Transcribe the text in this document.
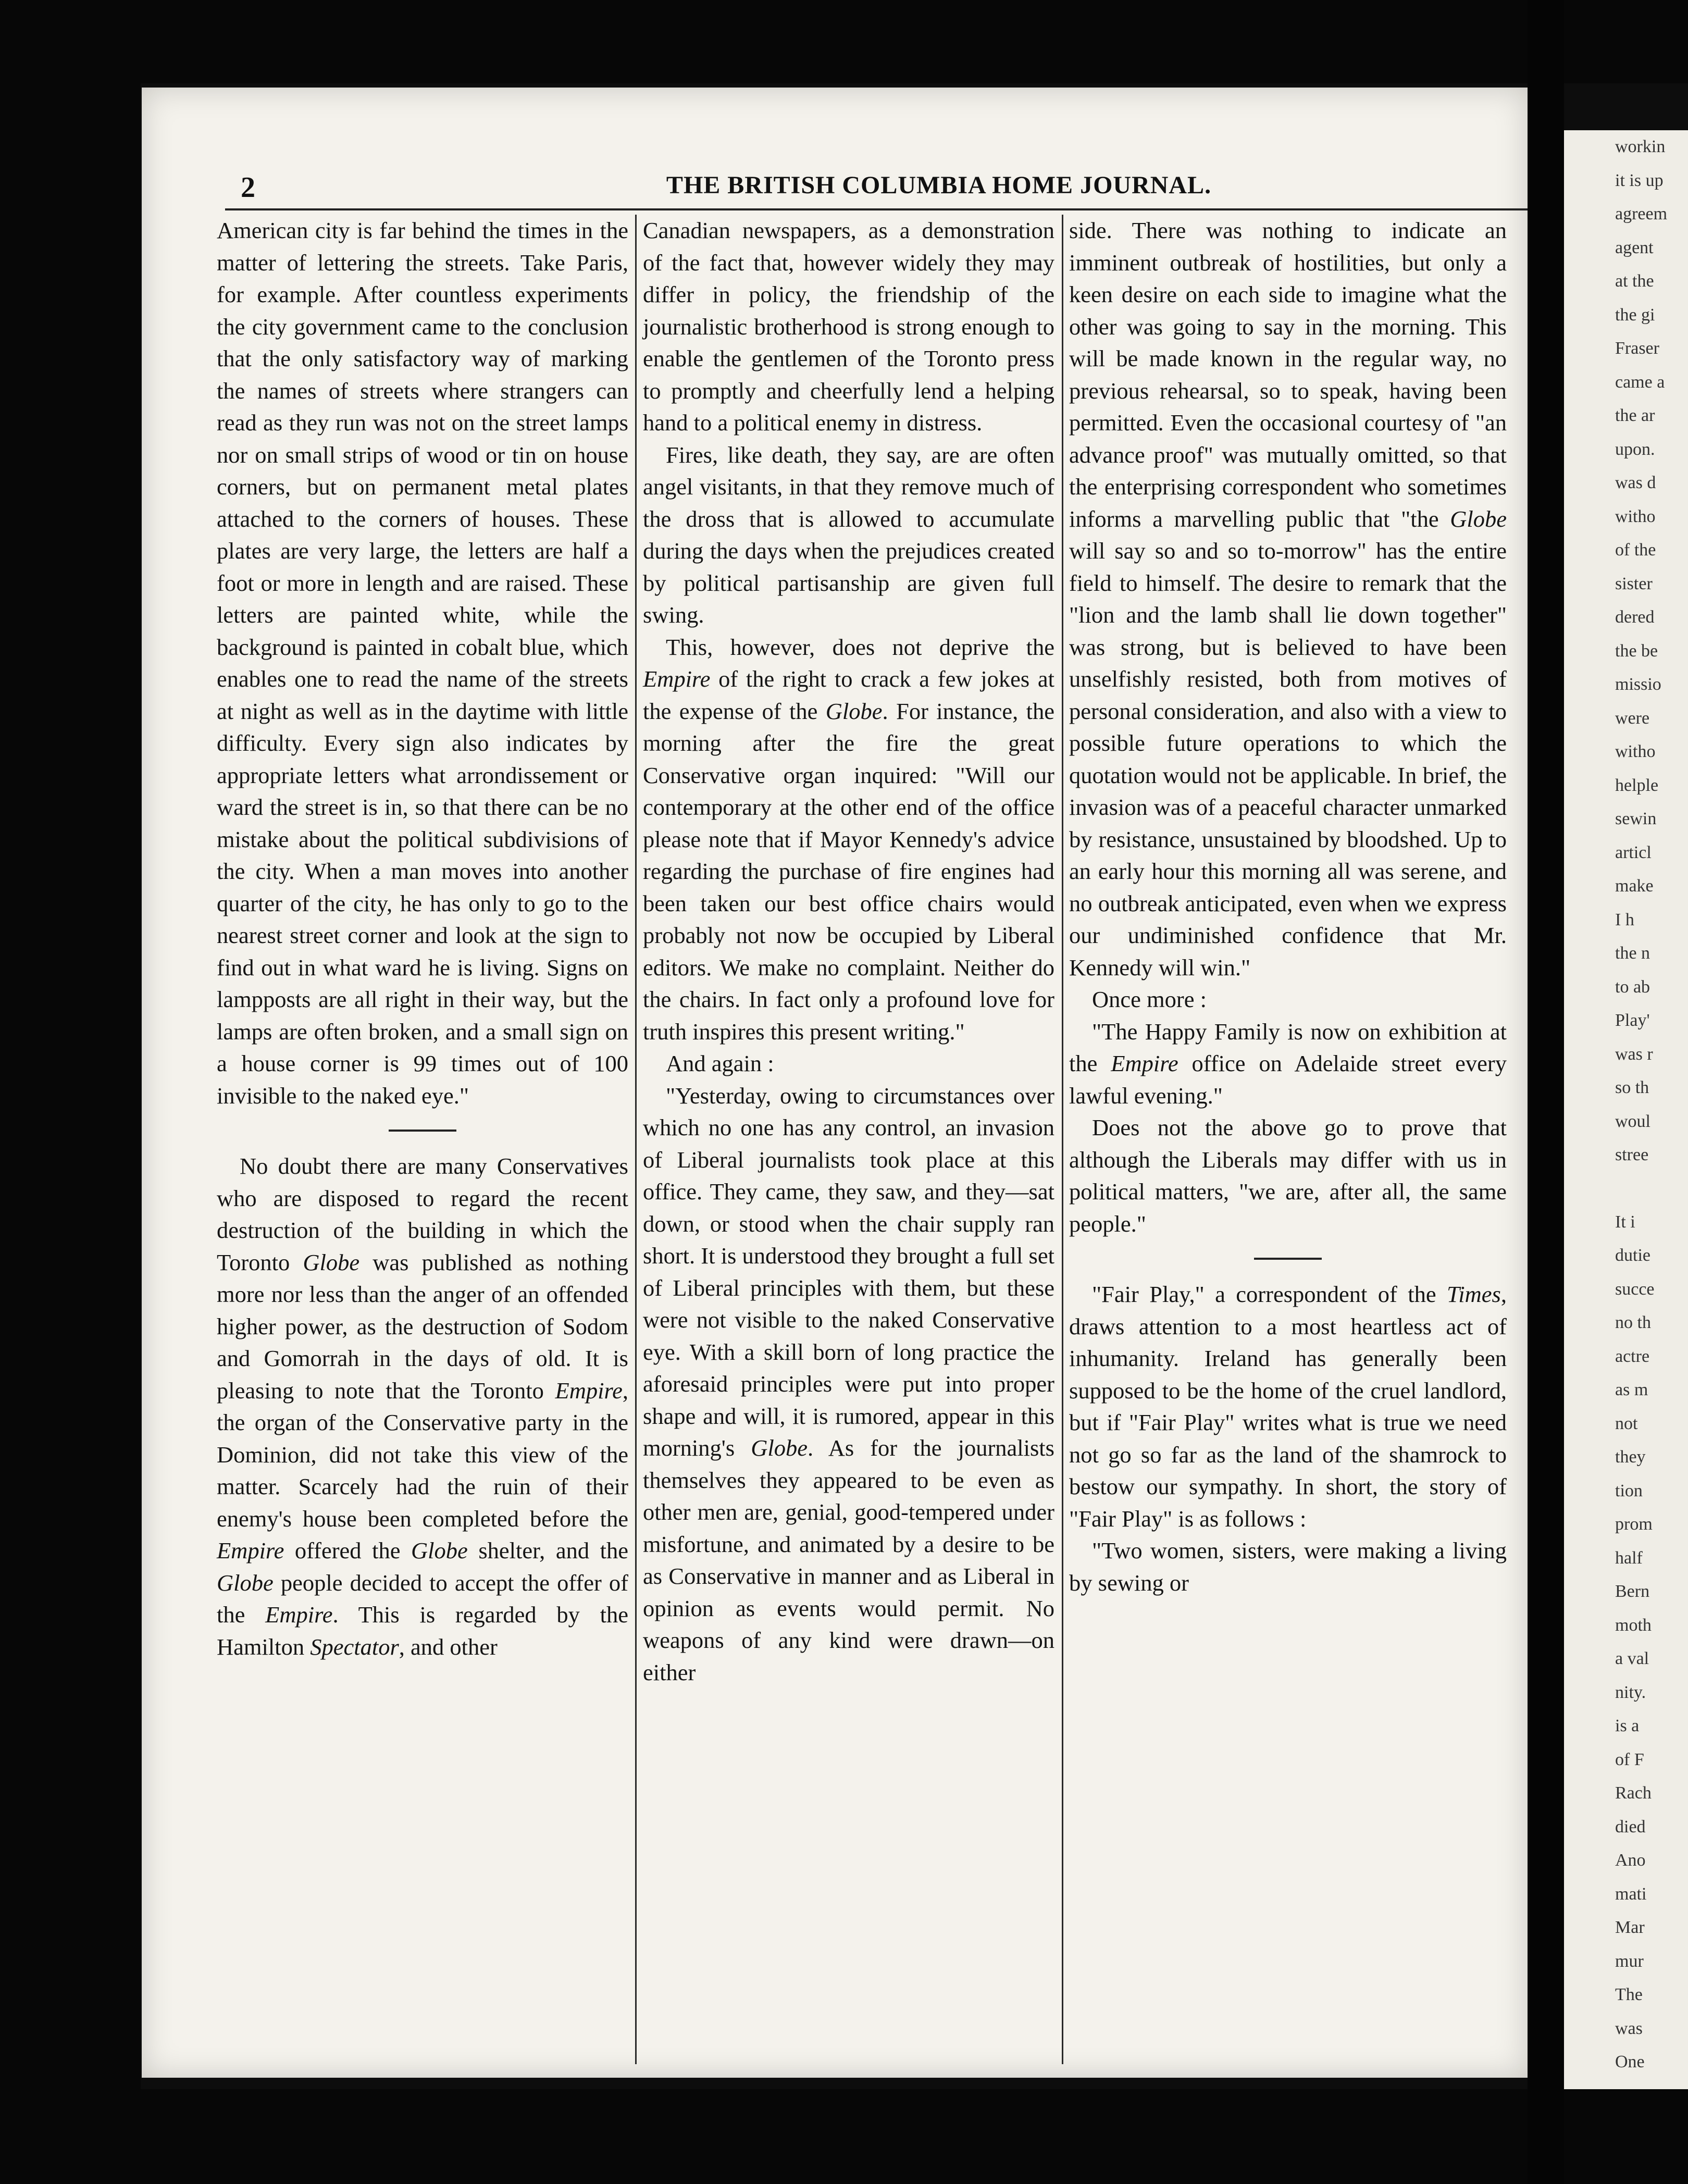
2	THE BRITISH COLUMBIA HOME JOURNAL.

American city is far behind the times in the matter of lettering the streets. Take Paris, for example. After countless experiments the city government came to the conclusion that the only satisfactory way of marking the names of streets where strangers can read as they run was not on the street lamps nor on small strips of wood or tin on house corners, but on permanent metal plates attached to the corners of houses. These plates are very large, the letters are half a foot or more in length and are raised. These letters are painted white, while the background is painted in cobalt blue, which enables one to read the name of the streets at night as well as in the daytime with little difficulty. Every sign also indicates by appropriate letters what arrondissement or ward the street is in, so that there can be no mistake about the political subdivisions of the city. When a man moves into another quarter of the city, he has only to go to the nearest street corner and look at the sign to find out in what ward he is living. Signs on lampposts are all right in their way, but the lamps are often broken, and a small sign on a house corner is 99 times out of 100 invisible to the naked eye."

No doubt there are many Conservatives who are disposed to regard the recent destruction of the building in which the Toronto Globe was published as nothing more nor less than the anger of an offended higher power, as the destruction of Sodom and Gomorrah in the days of old. It is pleasing to note that the Toronto Empire, the organ of the Conservative party in the Dominion, did not take this view of the matter. Scarcely had the ruin of their enemy's house been completed before the Empire offered the Globe shelter, and the Globe people decided to accept the offer of the Empire. This is regarded by the Hamilton Spectator, and other

Canadian newspapers, as a demonstration of the fact that, however widely they may differ in policy, the friendship of the journalistic brotherhood is strong enough to enable the gentlemen of the Toronto press to promptly and cheerfully lend a helping hand to a political enemy in distress.

Fires, like death, they say, are are often angel visitants, in that they remove much of the dross that is allowed to accumulate during the days when the prejudices created by political partisanship are given full swing.

This, however, does not deprive the Empire of the right to crack a few jokes at the expense of the Globe. For instance, the morning after the fire the great Conservative organ inquired: "Will our contemporary at the other end of the office please note that if Mayor Kennedy's advice regarding the purchase of fire engines had been taken our best office chairs would probably not now be occupied by Liberal editors. We make no complaint. Neither do the chairs. In fact only a profound love for truth inspires this present writing."

And again :

"Yesterday, owing to circumstances over which no one has any control, an invasion of Liberal journalists took place at this office. They came, they saw, and they—sat down, or stood when the chair supply ran short. It is understood they brought a full set of Liberal principles with them, but these were not visible to the naked Conservative eye. With a skill born of long practice the aforesaid principles were put into proper shape and will, it is rumored, appear in this morning's Globe. As for the journalists themselves they appeared to be even as other men are, genial, good-tempered under misfortune, and animated by a desire to be as Conservative in manner and as Liberal in opinion as events would permit. No weapons of any kind were drawn—on either

side. There was nothing to indicate an imminent outbreak of hostilities, but only a keen desire on each side to imagine what the other was going to say in the morning. This will be made known in the regular way, no previous rehearsal, so to speak, having been permitted. Even the occasional courtesy of "an advance proof" was mutually omitted, so that the enterprising correspondent who sometimes informs a marvelling public that "the Globe will say so and so to-morrow" has the entire field to himself. The desire to remark that the "lion and the lamb shall lie down together" was strong, but is believed to have been unselfishly resisted, both from motives of personal consideration, and also with a view to possible future operations to which the quotation would not be applicable. In brief, the invasion was of a peaceful character unmarked by resistance, unsustained by bloodshed. Up to an early hour this morning all was serene, and no outbreak anticipated, even when we express our undiminished confidence that Mr. Kennedy will win."

Once more :

"The Happy Family is now on exhibition at the Empire office on Adelaide street every lawful evening."

Does not the above go to prove that although the Liberals may differ with us in political matters, "we are, after all, the same people."

"Fair Play," a correspondent of the Times, draws attention to a most heartless act of inhumanity. Ireland has generally been supposed to be the home of the cruel landlord, but if "Fair Play" writes what is true we need not go so far as the land of the shamrock to bestow our sympathy. In short, the story of "Fair Play" is as follows :

"Two women, sisters, were making a living by sewing or

workin
it is up
agreem
agent
at the
the gi
Fraser
came a
the ar
upon.
was d
witho
of the
sister
dered
the be
missio
were
witho
helple
sewin
articl
make
I h
the n
to ab
Play'
was r
so th
woul
stree
It i
dutie
succe
no th
actre
as m
not
they
tion
prom
half
Bern
moth
a val
nity.
is a
of F
Rach
died
Ano
mati
Mar
mur
The
was
One
